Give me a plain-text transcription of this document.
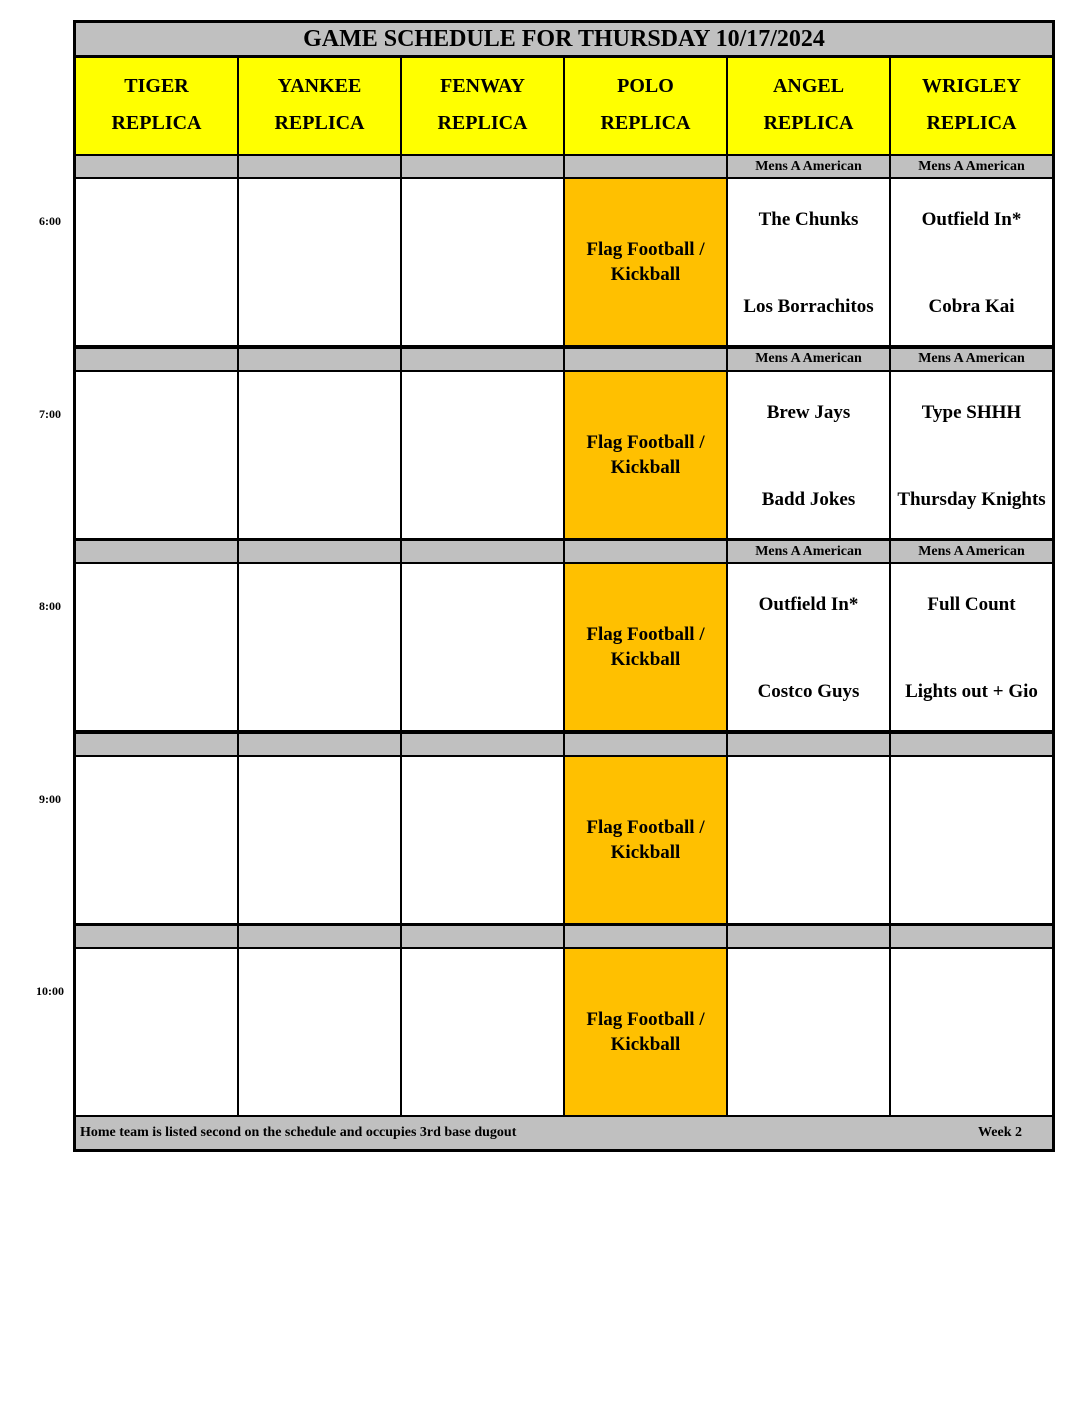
GAME SCHEDULE FOR THURSDAY 10/17/2024
Home team is listed second on the schedule and occupies 3rd base dugout	Week 2
TIGER
REPLICA
YANKEE
REPLICA
FENWAY
REPLICA
POLO
REPLICA
ANGEL
REPLICA
WRIGLEY
REPLICA
Flag Football /
Kickball
Mens A American
The Chunks
Los Borrachitos
Mens A American
Outfield In*
Cobra Kai
Flag Football /
Kickball
Mens A American
Brew Jays
Badd Jokes
Mens A American
Type SHHH
Thursday Knights
Flag Football /
Kickball
Mens A American
Outfield In*
Costco Guys
Mens A American
Full Count
Lights out + Gio
Flag Football /
Kickball
Flag Football /
Kickball
6:00
7:00
8:00
9:00
10:00
